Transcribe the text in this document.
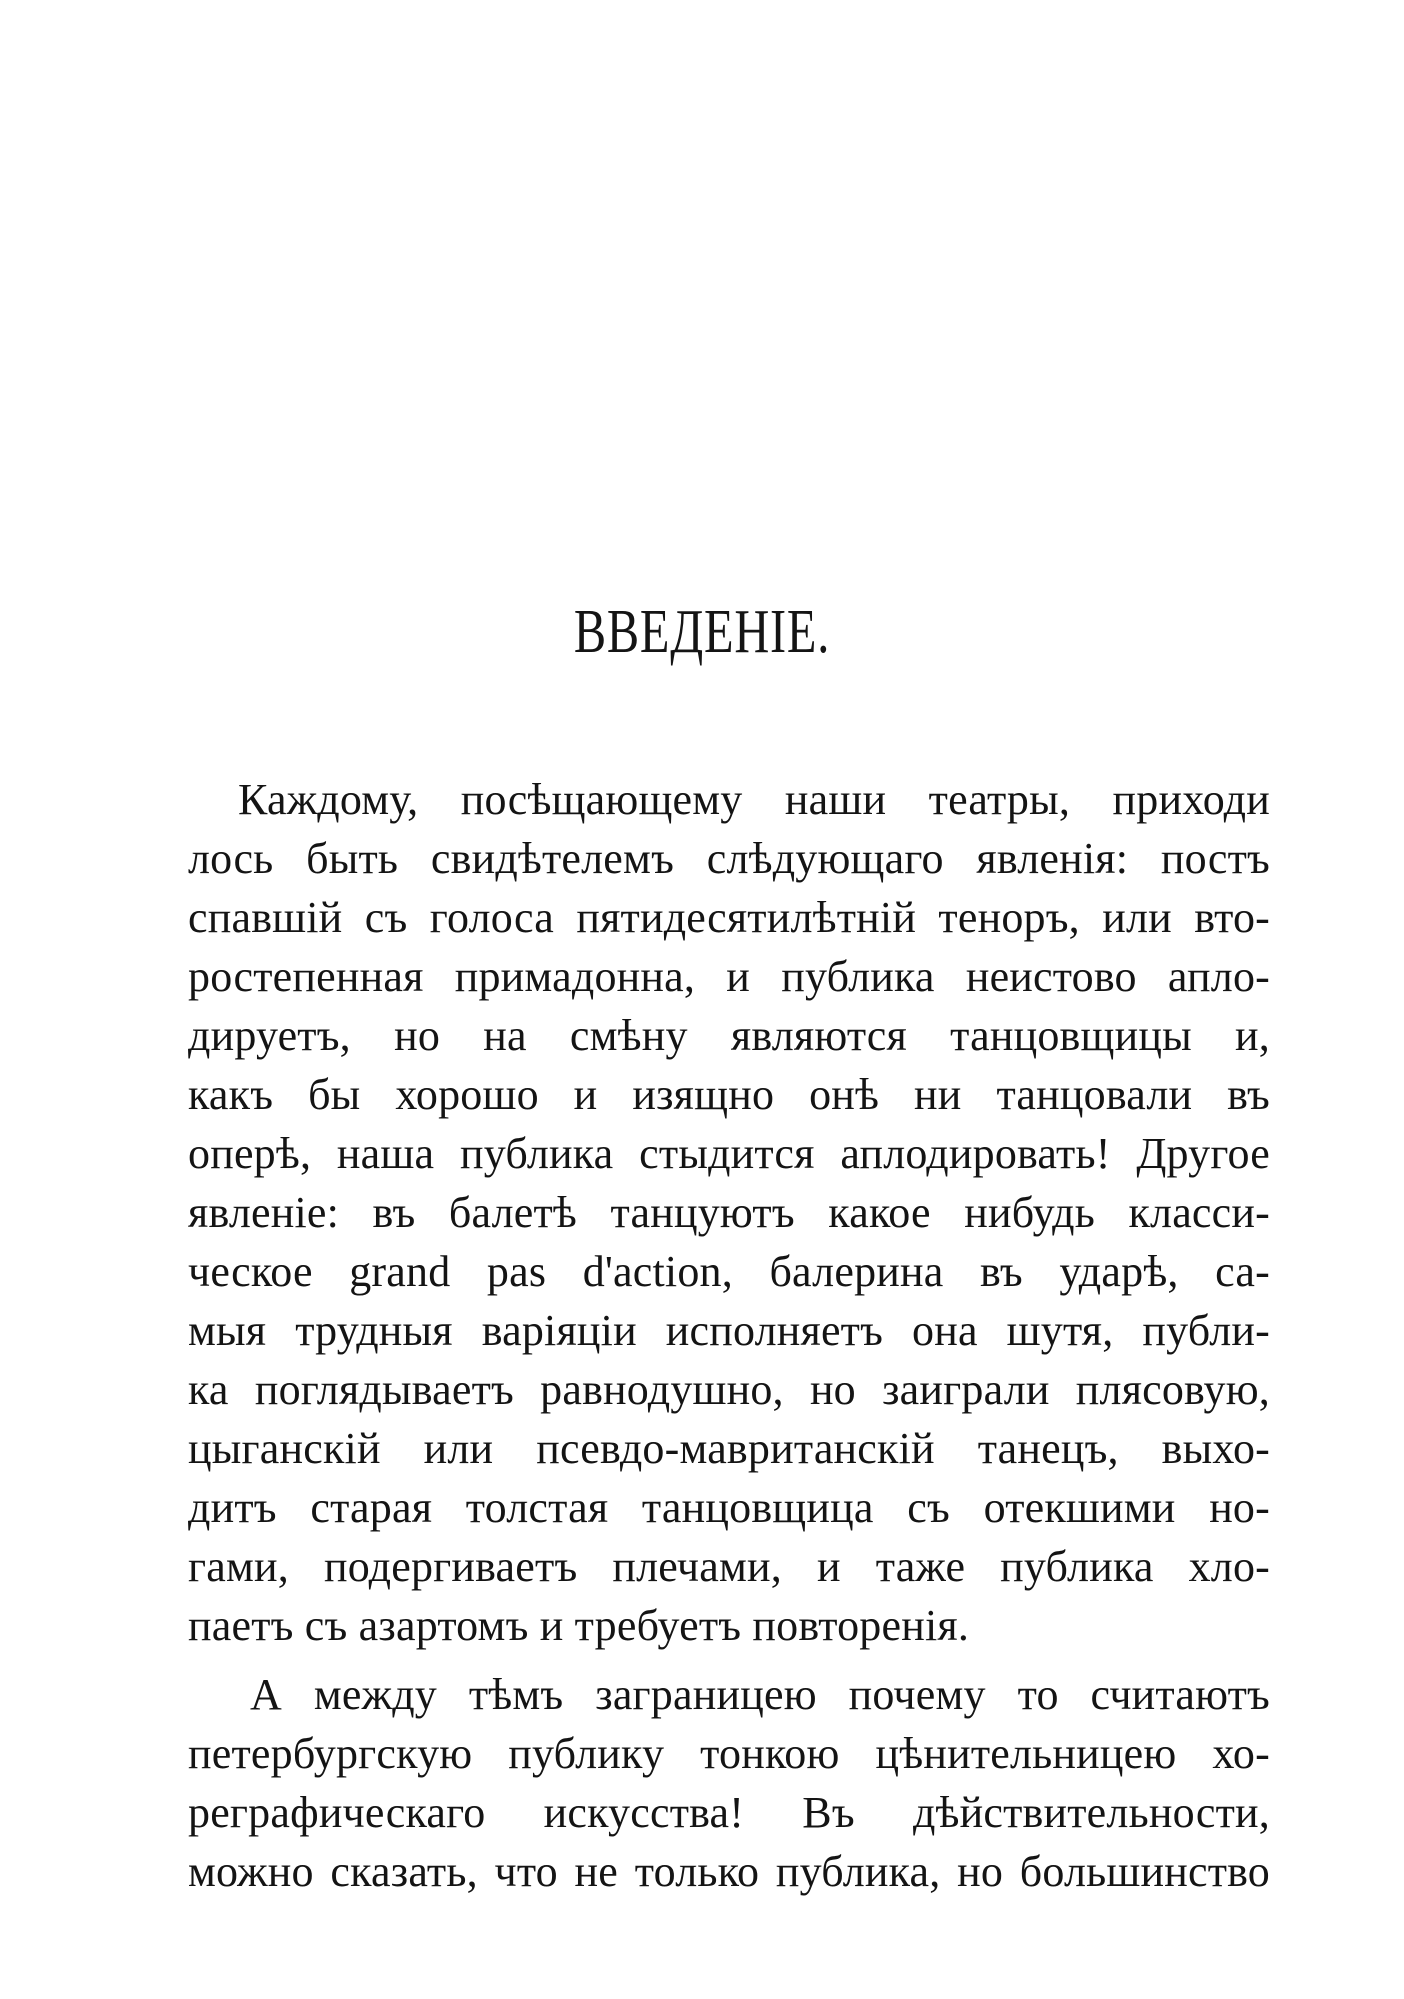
ВВЕДЕНІЕ.
Каждому, посѣщающему наши театры, приходи
лось быть свидѣтелемъ слѣдующаго явленія: постъ
спавшій съ голоса пятидесятилѣтній теноръ, или вто-
ростепенная примадонна, и публика неистово апло-
дируетъ, но на смѣну являются танцовщицы и,
какъ бы хорошо и изящно онѣ ни танцовали въ
оперѣ, наша публика стыдится аплодировать! Другое
явленіе: въ балетѣ танцуютъ какое нибудь класси-
ческое grand pas d'action, балерина въ ударѣ, са-
мыя трудныя варіяціи исполняетъ она шутя, публи-
ка поглядываетъ равнодушно, но заиграли плясовую,
цыганскій или псевдо-мавританскій танецъ, выхо-
дитъ старая толстая танцовщица съ отекшими но-
гами, подергиваетъ плечами, и таже публика хло-
паетъ съ азартомъ и требуетъ повторенія.
А между тѣмъ заграницею почему то считаютъ
петербургскую публику тонкою цѣнительницею хо-
реграфическаго искусства! Въ дѣйствительности,
можно сказать, что не только публика, но большинство
